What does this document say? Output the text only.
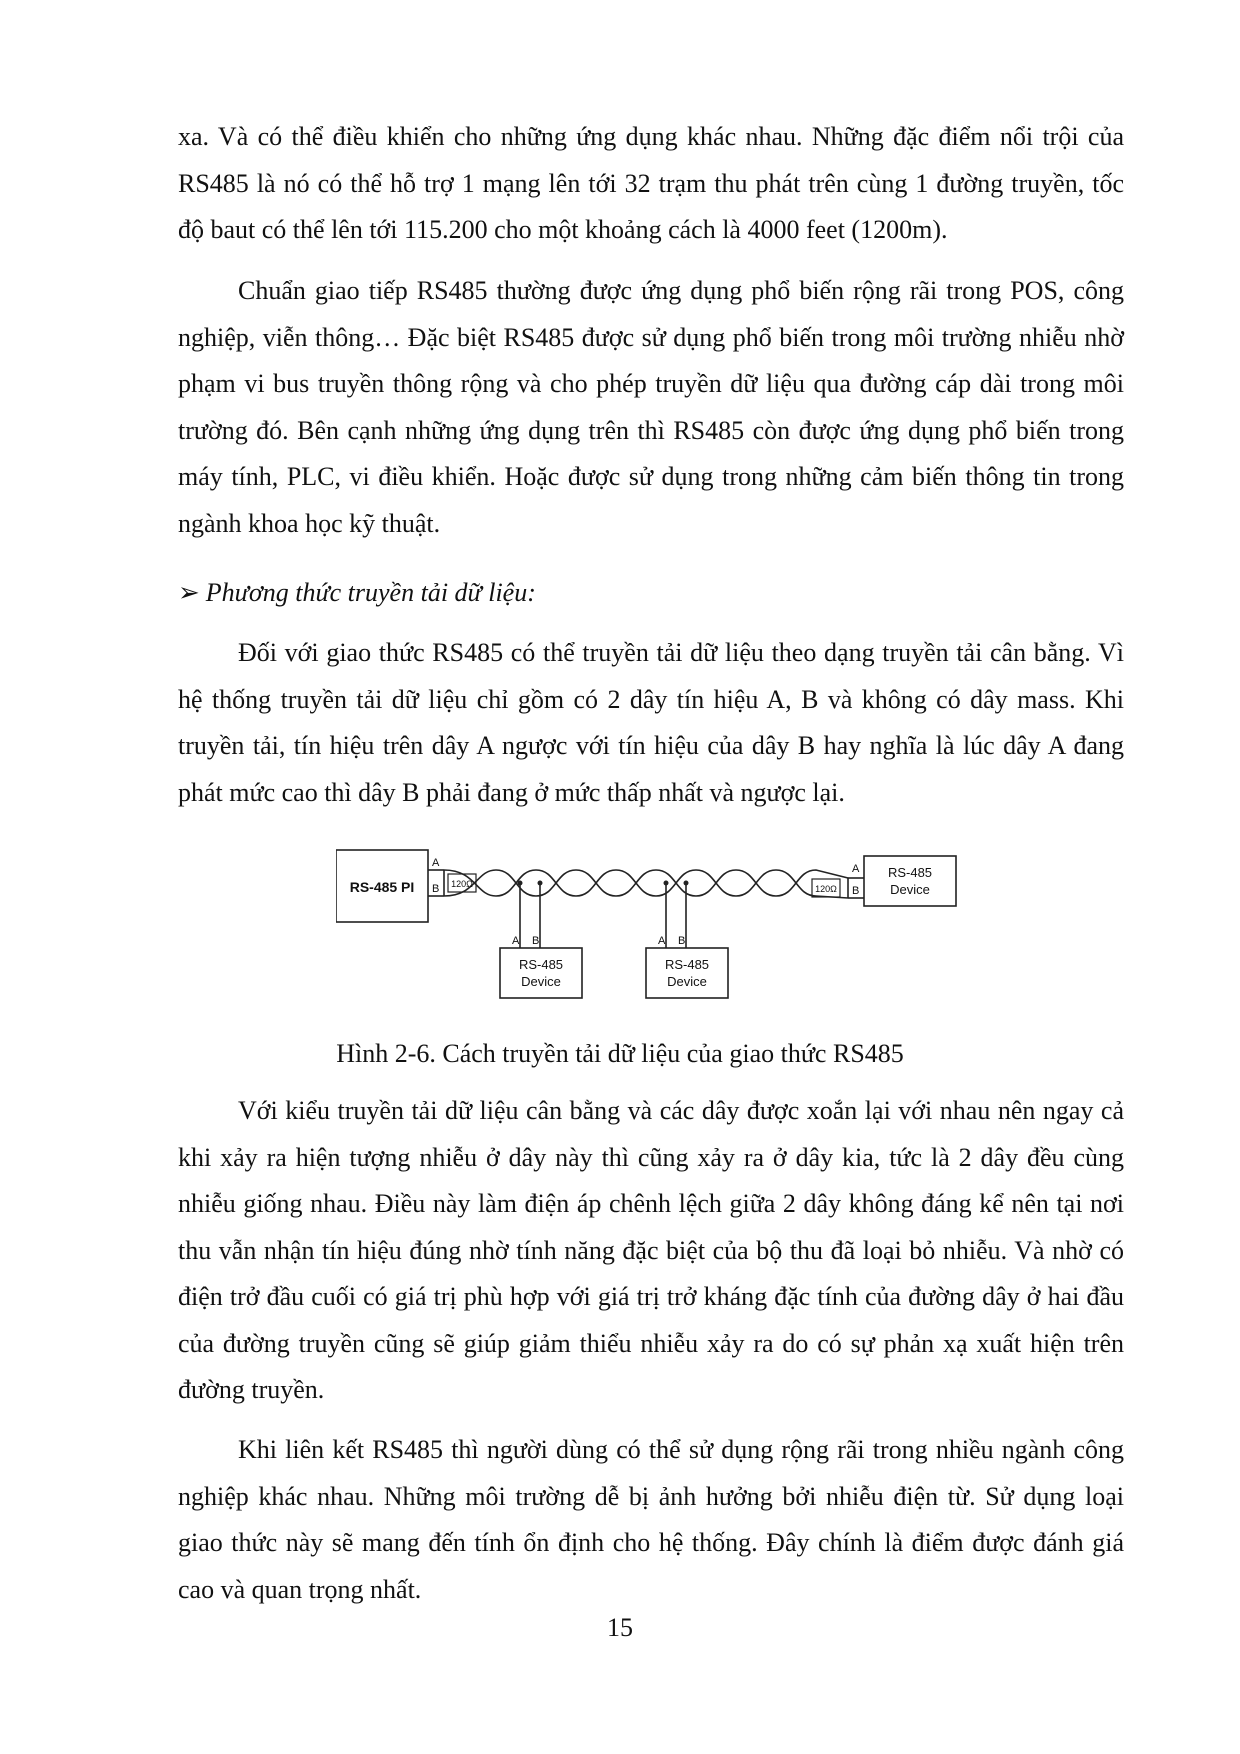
xa. Và có thể điều khiển cho những ứng dụng khác nhau. Những đặc điểm nổi trội của RS485 là nó có thể hỗ trợ 1 mạng lên tới 32 trạm thu phát trên cùng 1 đường truyền, tốc độ baut có thể lên tới 115.200 cho một khoảng cách là 4000 feet (1200m).
Chuẩn giao tiếp RS485 thường được ứng dụng phổ biến rộng rãi trong POS, công nghiệp, viễn thông… Đặc biệt RS485 được sử dụng phổ biến trong môi trường nhiễu nhờ phạm vi bus truyền thông rộng và cho phép truyền dữ liệu qua đường cáp dài trong môi trường đó. Bên cạnh những ứng dụng trên thì RS485 còn được ứng dụng phổ biến trong máy tính, PLC, vi điều khiển. Hoặc được sử dụng trong những cảm biến thông tin trong ngành khoa học kỹ thuật.
➢ Phương thức truyền tải dữ liệu:
Đối với giao thức RS485 có thể truyền tải dữ liệu theo dạng truyền tải cân bằng. Vì hệ thống truyền tải dữ liệu chỉ gồm có 2 dây tín hiệu A, B và không có dây mass. Khi truyền tải, tín hiệu trên dây A ngược với tín hiệu của dây B hay nghĩa là lúc dây A đang phát mức cao thì dây B phải đang ở mức thấp nhất và ngược lại.
RS-485 PI
A
B 120Ω	120Ω
A
B
RS-485
Device
A B
RS-485
Device
A B
RS-485
Device
Hình 2-6. Cách truyền tải dữ liệu của giao thức RS485
Với kiểu truyền tải dữ liệu cân bằng và các dây được xoắn lại với nhau nên ngay cả khi xảy ra hiện tượng nhiễu ở dây này thì cũng xảy ra ở dây kia, tức là 2 dây đều cùng nhiễu giống nhau. Điều này làm điện áp chênh lệch giữa 2 dây không đáng kể nên tại nơi thu vẫn nhận tín hiệu đúng nhờ tính năng đặc biệt của bộ thu đã loại bỏ nhiễu. Và nhờ có điện trở đầu cuối có giá trị phù hợp với giá trị trở kháng đặc tính của đường dây ở hai đầu của đường truyền cũng sẽ giúp giảm thiểu nhiễu xảy ra do có sự phản xạ xuất hiện trên đường truyền.
Khi liên kết RS485 thì người dùng có thể sử dụng rộng rãi trong nhiều ngành công nghiệp khác nhau. Những môi trường dễ bị ảnh hưởng bởi nhiễu điện từ. Sử dụng loại giao thức này sẽ mang đến tính ổn định cho hệ thống. Đây chính là điểm được đánh giá cao và quan trọng nhất.
15
